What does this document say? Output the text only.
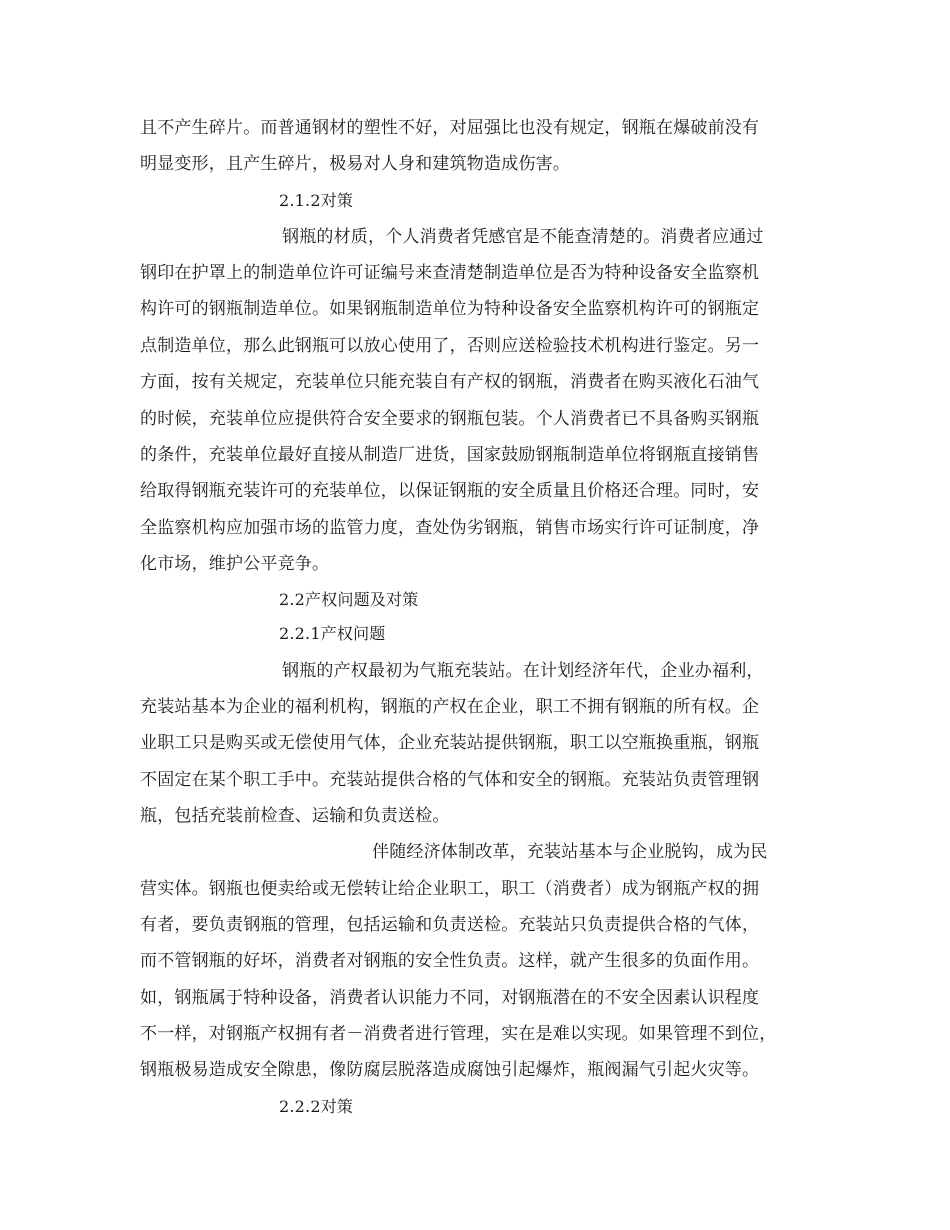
且不产生碎片。而普通钢材的塑性不好，对屈强比也没有规定，钢瓶在爆破前没有
明显变形，且产生碎片，极易对人身和建筑物造成伤害。
2.1.2对策
钢瓶的材质，个人消费者凭感官是不能查清楚的。消费者应通过
钢印在护罩上的制造单位许可证编号来查清楚制造单位是否为特种设备安全监察机
构许可的钢瓶制造单位。如果钢瓶制造单位为特种设备安全监察机构许可的钢瓶定
点制造单位，那么此钢瓶可以放心使用了，否则应送检验技术机构进行鉴定。另一
方面，按有关规定，充装单位只能充装自有产权的钢瓶，消费者在购买液化石油气
的时候，充装单位应提供符合安全要求的钢瓶包装。个人消费者已不具备购买钢瓶
的条件，充装单位最好直接从制造厂进货，国家鼓励钢瓶制造单位将钢瓶直接销售
给取得钢瓶充装许可的充装单位，以保证钢瓶的安全质量且价格还合理。同时，安
全监察机构应加强市场的监管力度，查处伪劣钢瓶，销售市场实行许可证制度，净
化市场，维护公平竞争。
2.2产权问题及对策
2.2.1产权问题
钢瓶的产权最初为气瓶充装站。在计划经济年代，企业办福利，
充装站基本为企业的福利机构，钢瓶的产权在企业，职工不拥有钢瓶的所有权。企
业职工只是购买或无偿使用气体，企业充装站提供钢瓶，职工以空瓶换重瓶，钢瓶
不固定在某个职工手中。充装站提供合格的气体和安全的钢瓶。充装站负责管理钢
瓶，包括充装前检查、运输和负责送检。
伴随经济体制改革，充装站基本与企业脱钩，成为民
营实体。钢瓶也便卖给或无偿转让给企业职工，职工（消费者）成为钢瓶产权的拥
有者，要负责钢瓶的管理，包括运输和负责送检。充装站只负责提供合格的气体，
而不管钢瓶的好坏，消费者对钢瓶的安全性负责。这样，就产生很多的负面作用。
如，钢瓶属于特种设备，消费者认识能力不同，对钢瓶潜在的不安全因素认识程度
不一样，对钢瓶产权拥有者－消费者进行管理，实在是难以实现。如果管理不到位，
钢瓶极易造成安全隙患，像防腐层脱落造成腐蚀引起爆炸，瓶阀漏气引起火灾等。
2.2.2对策
